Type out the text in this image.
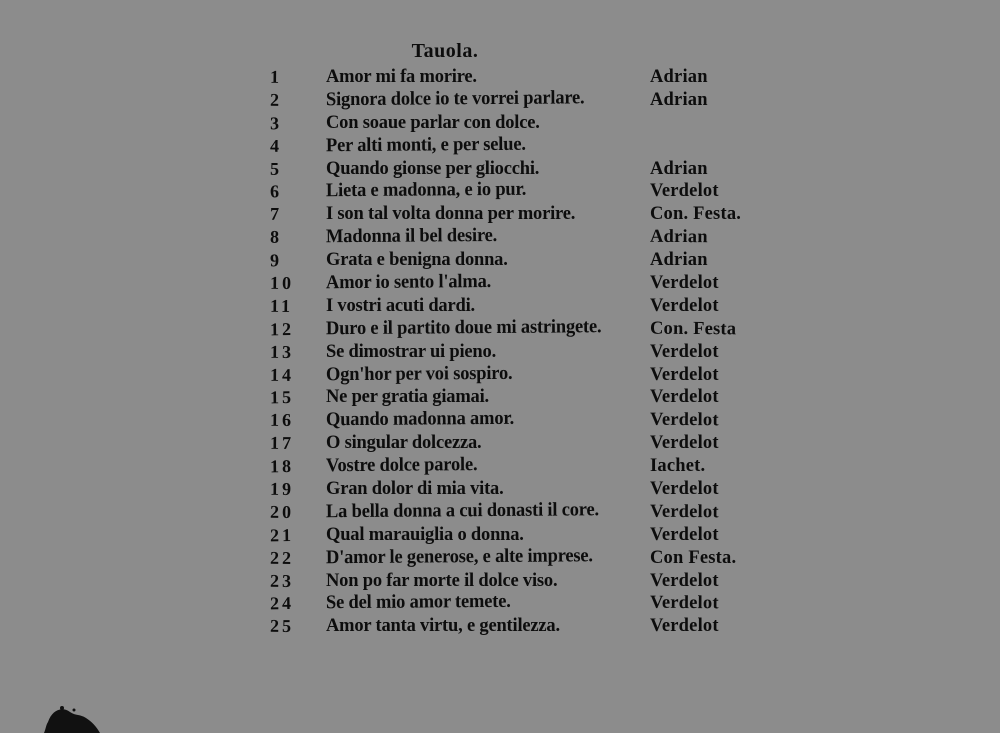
Tauola.
1	Amor mi fa morire.	Adrian
2	Signora dolce io te vorrei parlare.	Adrian
3	Con soaue parlar con dolce.
4	Per alti monti, e per selue.
5	Quando gionse per gliocchi.	Adrian
6	Lieta e madonna, e io pur.	Verdelot
7	I son tal volta donna per morire.	Con. Festa.
8	Madonna il bel desire.	Adrian
9	Grata e benigna donna.	Adrian
10	Amor io sento l'alma.	Verdelot
11	I vostri acuti dardi.	Verdelot
12	Duro e il partito doue mi astringete.	Con. Festa
13	Se dimostrar ui pieno.	Verdelot
14	Ogn'hor per voi sospiro.	Verdelot
15	Ne per gratia giamai.	Verdelot
16	Quando madonna amor.	Verdelot
17	O singular dolcezza.	Verdelot
18	Vostre dolce parole.	Iachet.
19	Gran dolor di mia vita.	Verdelot
20	La bella donna a cui donasti il core.	Verdelot
21	Qual marauiglia o donna.	Verdelot
22	D'amor le generose, e alte imprese.	Con Festa.
23	Non po far morte il dolce viso.	Verdelot
24	Se del mio amor temete.	Verdelot
25	Amor tanta virtu, e gentilezza.	Verdelot
